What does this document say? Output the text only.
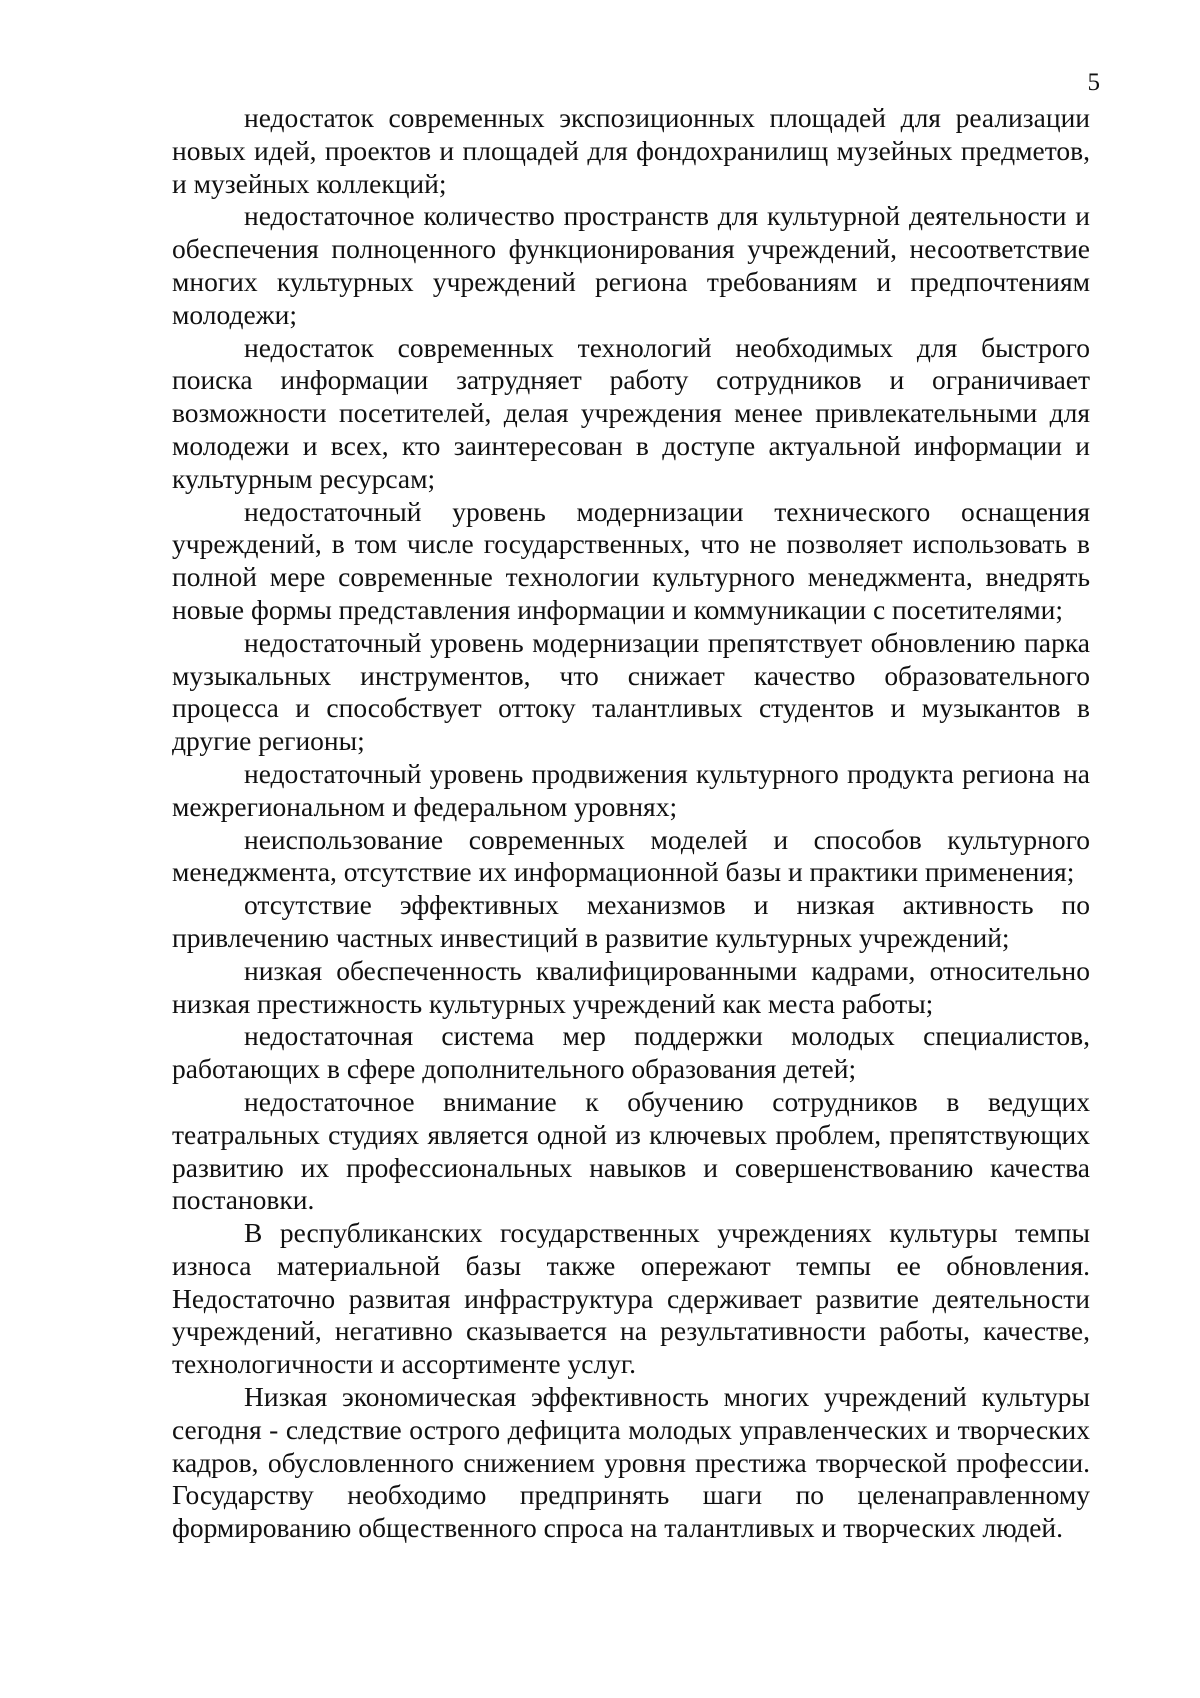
5

недостаток современных экспозиционных площадей для реализации новых идей, проектов и площадей для фондохранилищ музейных предметов, и музейных коллекций;

недостаточное количество пространств для культурной деятельности и обеспечения полноценного функционирования учреждений, несоответствие многих культурных учреждений региона требованиям и предпочтениям молодежи;

недостаток современных технологий необходимых для быстрого поиска информации затрудняет работу сотрудников и ограничивает возможности посетителей, делая учреждения менее привлекательными для молодежи и всех, кто заинтересован в доступе актуальной информации и культурным ресурсам;

недостаточный уровень модернизации технического оснащения учреждений, в том числе государственных, что не позволяет использовать в полной мере современные технологии культурного менеджмента, внедрять новые формы представления информации и коммуникации с посетителями;

недостаточный уровень модернизации препятствует обновлению парка музыкальных инструментов, что снижает качество образовательного процесса и способствует оттоку талантливых студентов и музыкантов в другие регионы;

недостаточный уровень продвижения культурного продукта региона на межрегиональном и федеральном уровнях;

неиспользование современных моделей и способов культурного менеджмента, отсутствие их информационной базы и практики применения;

отсутствие эффективных механизмов и низкая активность по привлечению частных инвестиций в развитие культурных учреждений;

низкая обеспеченность квалифицированными кадрами, относительно низкая престижность культурных учреждений как места работы;

недостаточная система мер поддержки молодых специалистов, работающих в сфере дополнительного образования детей;

недостаточное внимание к обучению сотрудников в ведущих театральных студиях является одной из ключевых проблем, препятствующих развитию их профессиональных навыков и совершенствованию качества постановки.

В республиканских государственных учреждениях культуры темпы износа материальной базы также опережают темпы ее обновления. Недостаточно развитая инфраструктура сдерживает развитие деятельности учреждений, негативно сказывается на результативности работы, качестве, технологичности и ассортименте услуг.

Низкая экономическая эффективность многих учреждений культуры сегодня - следствие острого дефицита молодых управленческих и творческих кадров, обусловленного снижением уровня престижа творческой профессии. Государству необходимо предпринять шаги по целенаправленному формированию общественного спроса на талантливых и творческих людей.
